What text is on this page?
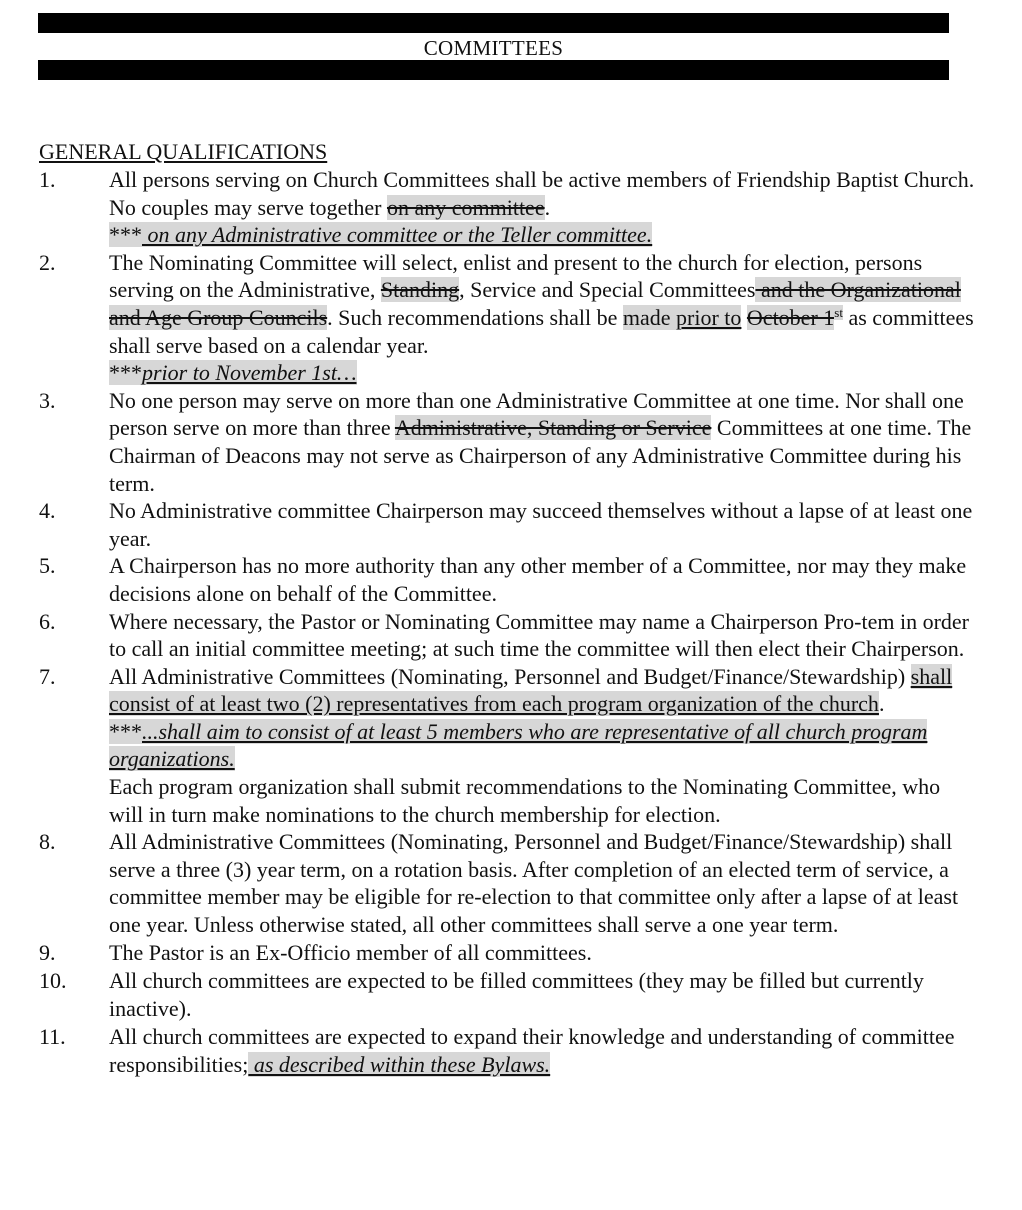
COMMITTEES
GENERAL QUALIFICATIONS
1. All persons serving on Church Committees shall be active members of Friendship Baptist Church. No couples may serve together on any committee.
*** on any Administrative committee or the Teller committee.
2. The Nominating Committee will select, enlist and present to the church for election, persons serving on the Administrative, Standing, Service and Special Committees and the Organizational and Age Group Councils. Such recommendations shall be made prior to October 1st as committees shall serve based on a calendar year.
***prior to November 1st…
3. No one person may serve on more than one Administrative Committee at one time. Nor shall one person serve on more than three Administrative, Standing or Service Committees at one time. The Chairman of Deacons may not serve as Chairperson of any Administrative Committee during his term.
4. No Administrative committee Chairperson may succeed themselves without a lapse of at least one year.
5. A Chairperson has no more authority than any other member of a Committee, nor may they make decisions alone on behalf of the Committee.
6. Where necessary, the Pastor or Nominating Committee may name a Chairperson Pro-tem in order to call an initial committee meeting; at such time the committee will then elect their Chairperson.
7. All Administrative Committees (Nominating, Personnel and Budget/Finance/Stewardship) shall consist of at least two (2) representatives from each program organization of the church.
***...shall aim to consist of at least 5 members who are representative of all church program organizations.
Each program organization shall submit recommendations to the Nominating Committee, who will in turn make nominations to the church membership for election.
8. All Administrative Committees (Nominating, Personnel and Budget/Finance/Stewardship) shall serve a three (3) year term, on a rotation basis. After completion of an elected term of service, a committee member may be eligible for re-election to that committee only after a lapse of at least one year. Unless otherwise stated, all other committees shall serve a one year term.
9. The Pastor is an Ex-Officio member of all committees.
10. All church committees are expected to be filled committees (they may be filled but currently inactive).
11. All church committees are expected to expand their knowledge and understanding of committee responsibilities; as described within these Bylaws.
